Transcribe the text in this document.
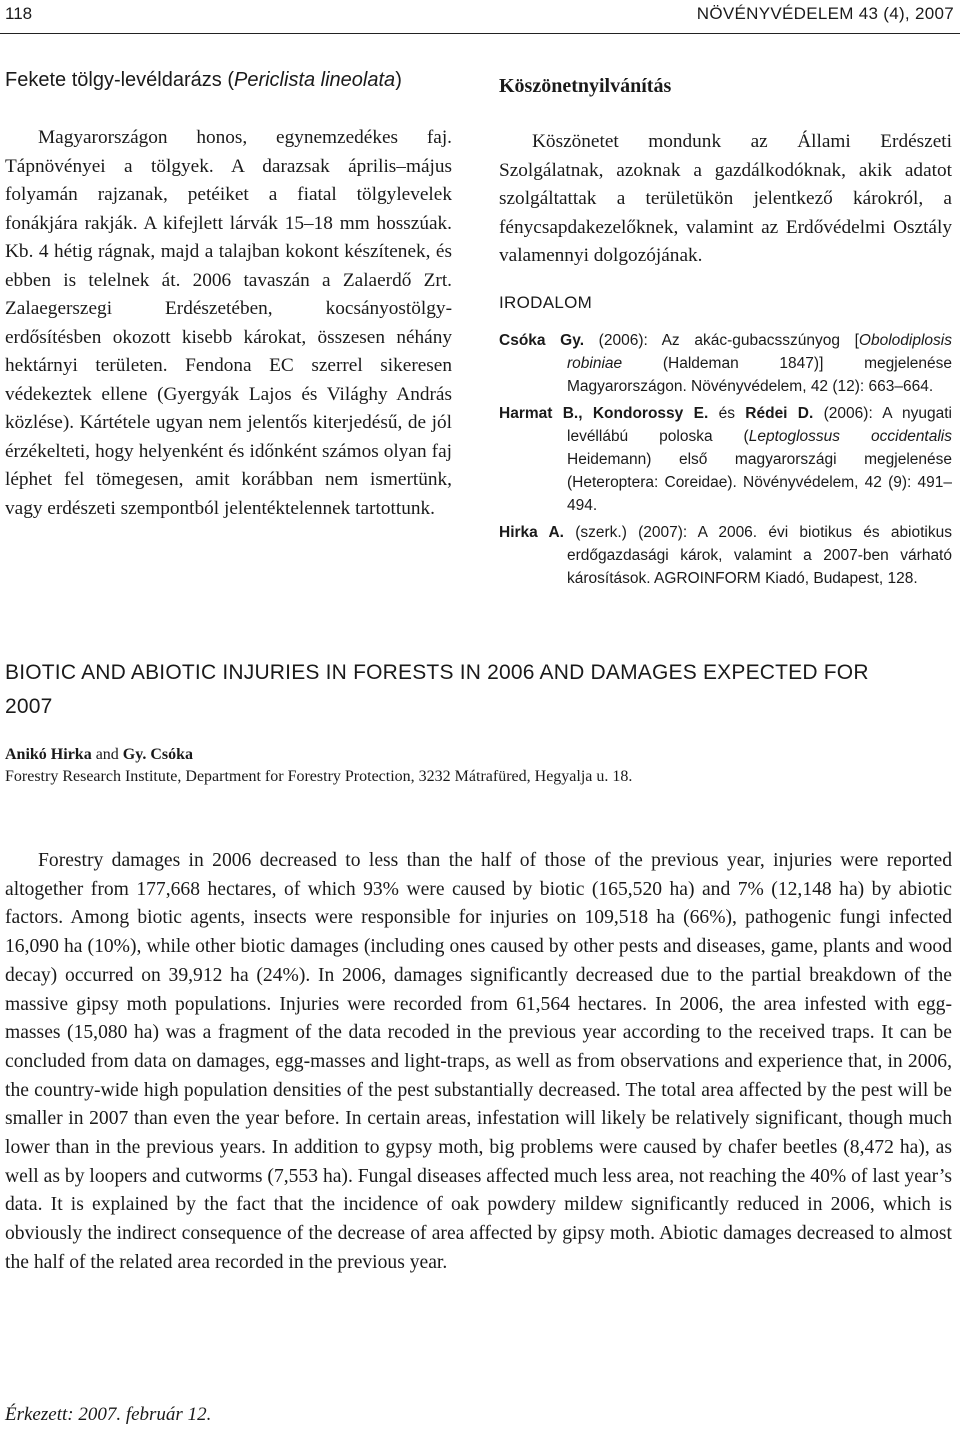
118	NÖVÉNYVÉDELEM 43 (4), 2007

Fekete tölgy-levéldarázs (Periclista lineolata)

Magyarországon honos, egynemzedékes faj. Tápnövényei a tölgyek. A darazsak április–május folyamán rajzanak, petéiket a fiatal tölgylevelek fonákjára rakják. A kifejlett lárvák 15–18 mm hosszúak. Kb. 4 hétig rágnak, majd a talajban kokont készítenek, és ebben is telelnek át. 2006 tavaszán a Zalaerdő Zrt. Zalaegerszegi Erdészetében, kocsányostölgy-erdősítésben okozott kisebb károkat, összesen néhány hektárnyi területen. Fendona EC szerrel sikeresen védekeztek ellene (Gyergyák Lajos és Világhy András közlése). Kártétele ugyan nem jelentős kiterjedésű, de jól érzékelteti, hogy helyenként és időnként számos olyan faj léphet fel tömegesen, amit korábban nem ismertünk, vagy erdészeti szempontból jelentéktelennek tartottunk.

Köszönetnyilvánítás

Köszönetet mondunk az Állami Erdészeti Szolgálatnak, azoknak a gazdálkodóknak, akik adatot szolgáltattak a területükön jelentkező károkról, a fénycsapdakezelőknek, valamint az Erdővédelmi Osztály valamennyi dolgozójának.

IRODALOM

Csóka Gy. (2006): Az akác-gubacsszúnyog [Obolodiplosis robiniae (Haldeman 1847)] megjelenése Magyarországon. Növényvédelem, 42 (12): 663–664.

Harmat B., Kondorossy E. és Rédei D. (2006): A nyugati levéllábú poloska (Leptoglossus occidentalis Heidemann) első magyarországi megjelenése (Heteroptera: Coreidae). Növényvédelem, 42 (9): 491–494.

Hirka A. (szerk.) (2007): A 2006. évi biotikus és abiotikus erdőgazdasági károk, valamint a 2007-ben várható károsítások. AGROINFORM Kiadó, Budapest, 128.

BIOTIC AND ABIOTIC INJURIES IN FORESTS IN 2006 AND DAMAGES EXPECTED FOR 2007
Anikó Hirka and Gy. Csóka
Forestry Research Institute, Department for Forestry Protection, 3232 Mátrafüred, Hegyalja u. 18.

Forestry damages in 2006 decreased to less than the half of those of the previous year, injuries were reported altogether from 177,668 hectares, of which 93% were caused by biotic (165,520 ha) and 7% (12,148 ha) by abiotic factors. Among biotic agents, insects were responsible for injuries on 109,518 ha (66%), pathogenic fungi infected 16,090 ha (10%), while other biotic damages (including ones caused by other pests and diseases, game, plants and wood decay) occurred on 39,912 ha (24%). In 2006, damages significantly decreased due to the partial breakdown of the massive gipsy moth populations. Injuries were recorded from 61,564 hectares. In 2006, the area infested with egg-masses (15,080 ha) was a fragment of the data recoded in the previous year according to the received traps. It can be concluded from data on damages, egg-masses and light-traps, as well as from observations and experience that, in 2006, the country-wide high population densities of the pest substantially decreased. The total area affected by the pest will be smaller in 2007 than even the year before. In certain areas, infestation will likely be relatively significant, though much lower than in the previous years. In addition to gypsy moth, big problems were caused by chafer beetles (8,472 ha), as well as by loopers and cutworms (7,553 ha). Fungal diseases affected much less area, not reaching the 40% of last year’s data. It is explained by the fact that the incidence of oak powdery mildew significantly reduced in 2006, which is obviously the indirect consequence of the decrease of area affected by gipsy moth. Abiotic damages decreased to almost the half of the related area recorded in the previous year.

Érkezett: 2007. február 12.
